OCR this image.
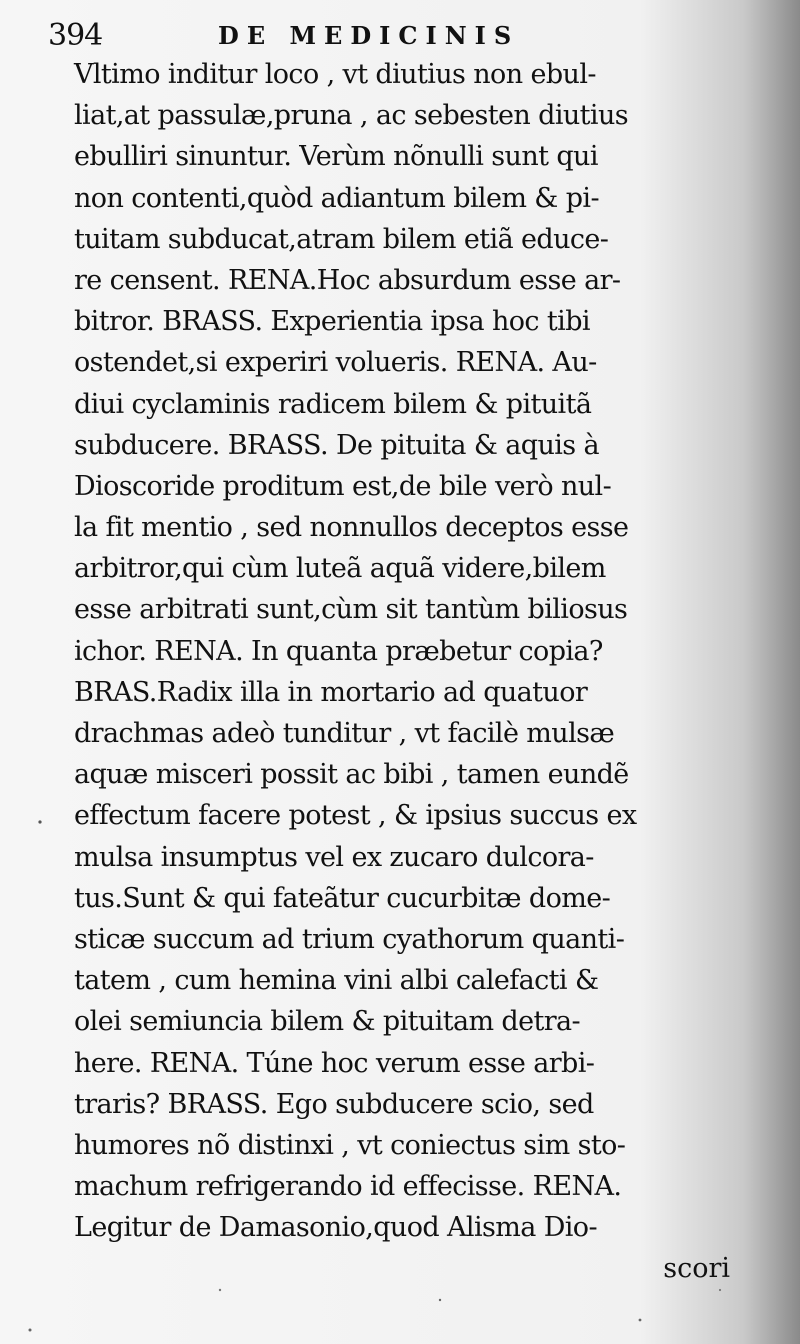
394	DE MEDICINIS
Vltimo inditur loco , vt diutius non ebul-
liat,at passulæ,pruna , ac sebesten diutius
ebulliri sinuntur. Verùm nõnulli sunt qui
non contenti,quòd adiantum bilem & pi-
tuitam subducat,atram bilem etiã educe-
re censent. RENA.Hoc absurdum esse ar-
bitror. BRASS. Experientia ipsa hoc tibi
ostendet,si experiri volueris. RENA. Au-
diui cyclaminis radicem bilem & pituitã
subducere. BRASS. De pituita & aquis à
Dioscoride proditum est,de bile verò nul-
la fit mentio , sed nonnullos deceptos esse
arbitror,qui cùm luteã aquã videre,bilem
esse arbitrati sunt,cùm sit tantùm biliosus
ichor. RENA. In quanta præbetur copia?
BRAS.Radix illa in mortario ad quatuor
drachmas adeò tunditur , vt facilè mulsæ
aquæ misceri possit ac bibi , tamen eundẽ
effectum facere potest , & ipsius succus ex
mulsa insumptus vel ex zucaro dulcora-
tus.Sunt & qui fateãtur cucurbitæ dome-
sticæ succum ad trium cyathorum quanti-
tatem , cum hemina vini albi calefacti &
olei semiuncia bilem & pituitam detra-
here. RENA. Túne hoc verum esse arbi-
traris? BRASS. Ego subducere scio, sed
humores nõ distinxi , vt coniectus sim sto-
machum refrigerando id effecisse. RENA.
Legitur de Damasonio,quod Alisma Dio-
scori
